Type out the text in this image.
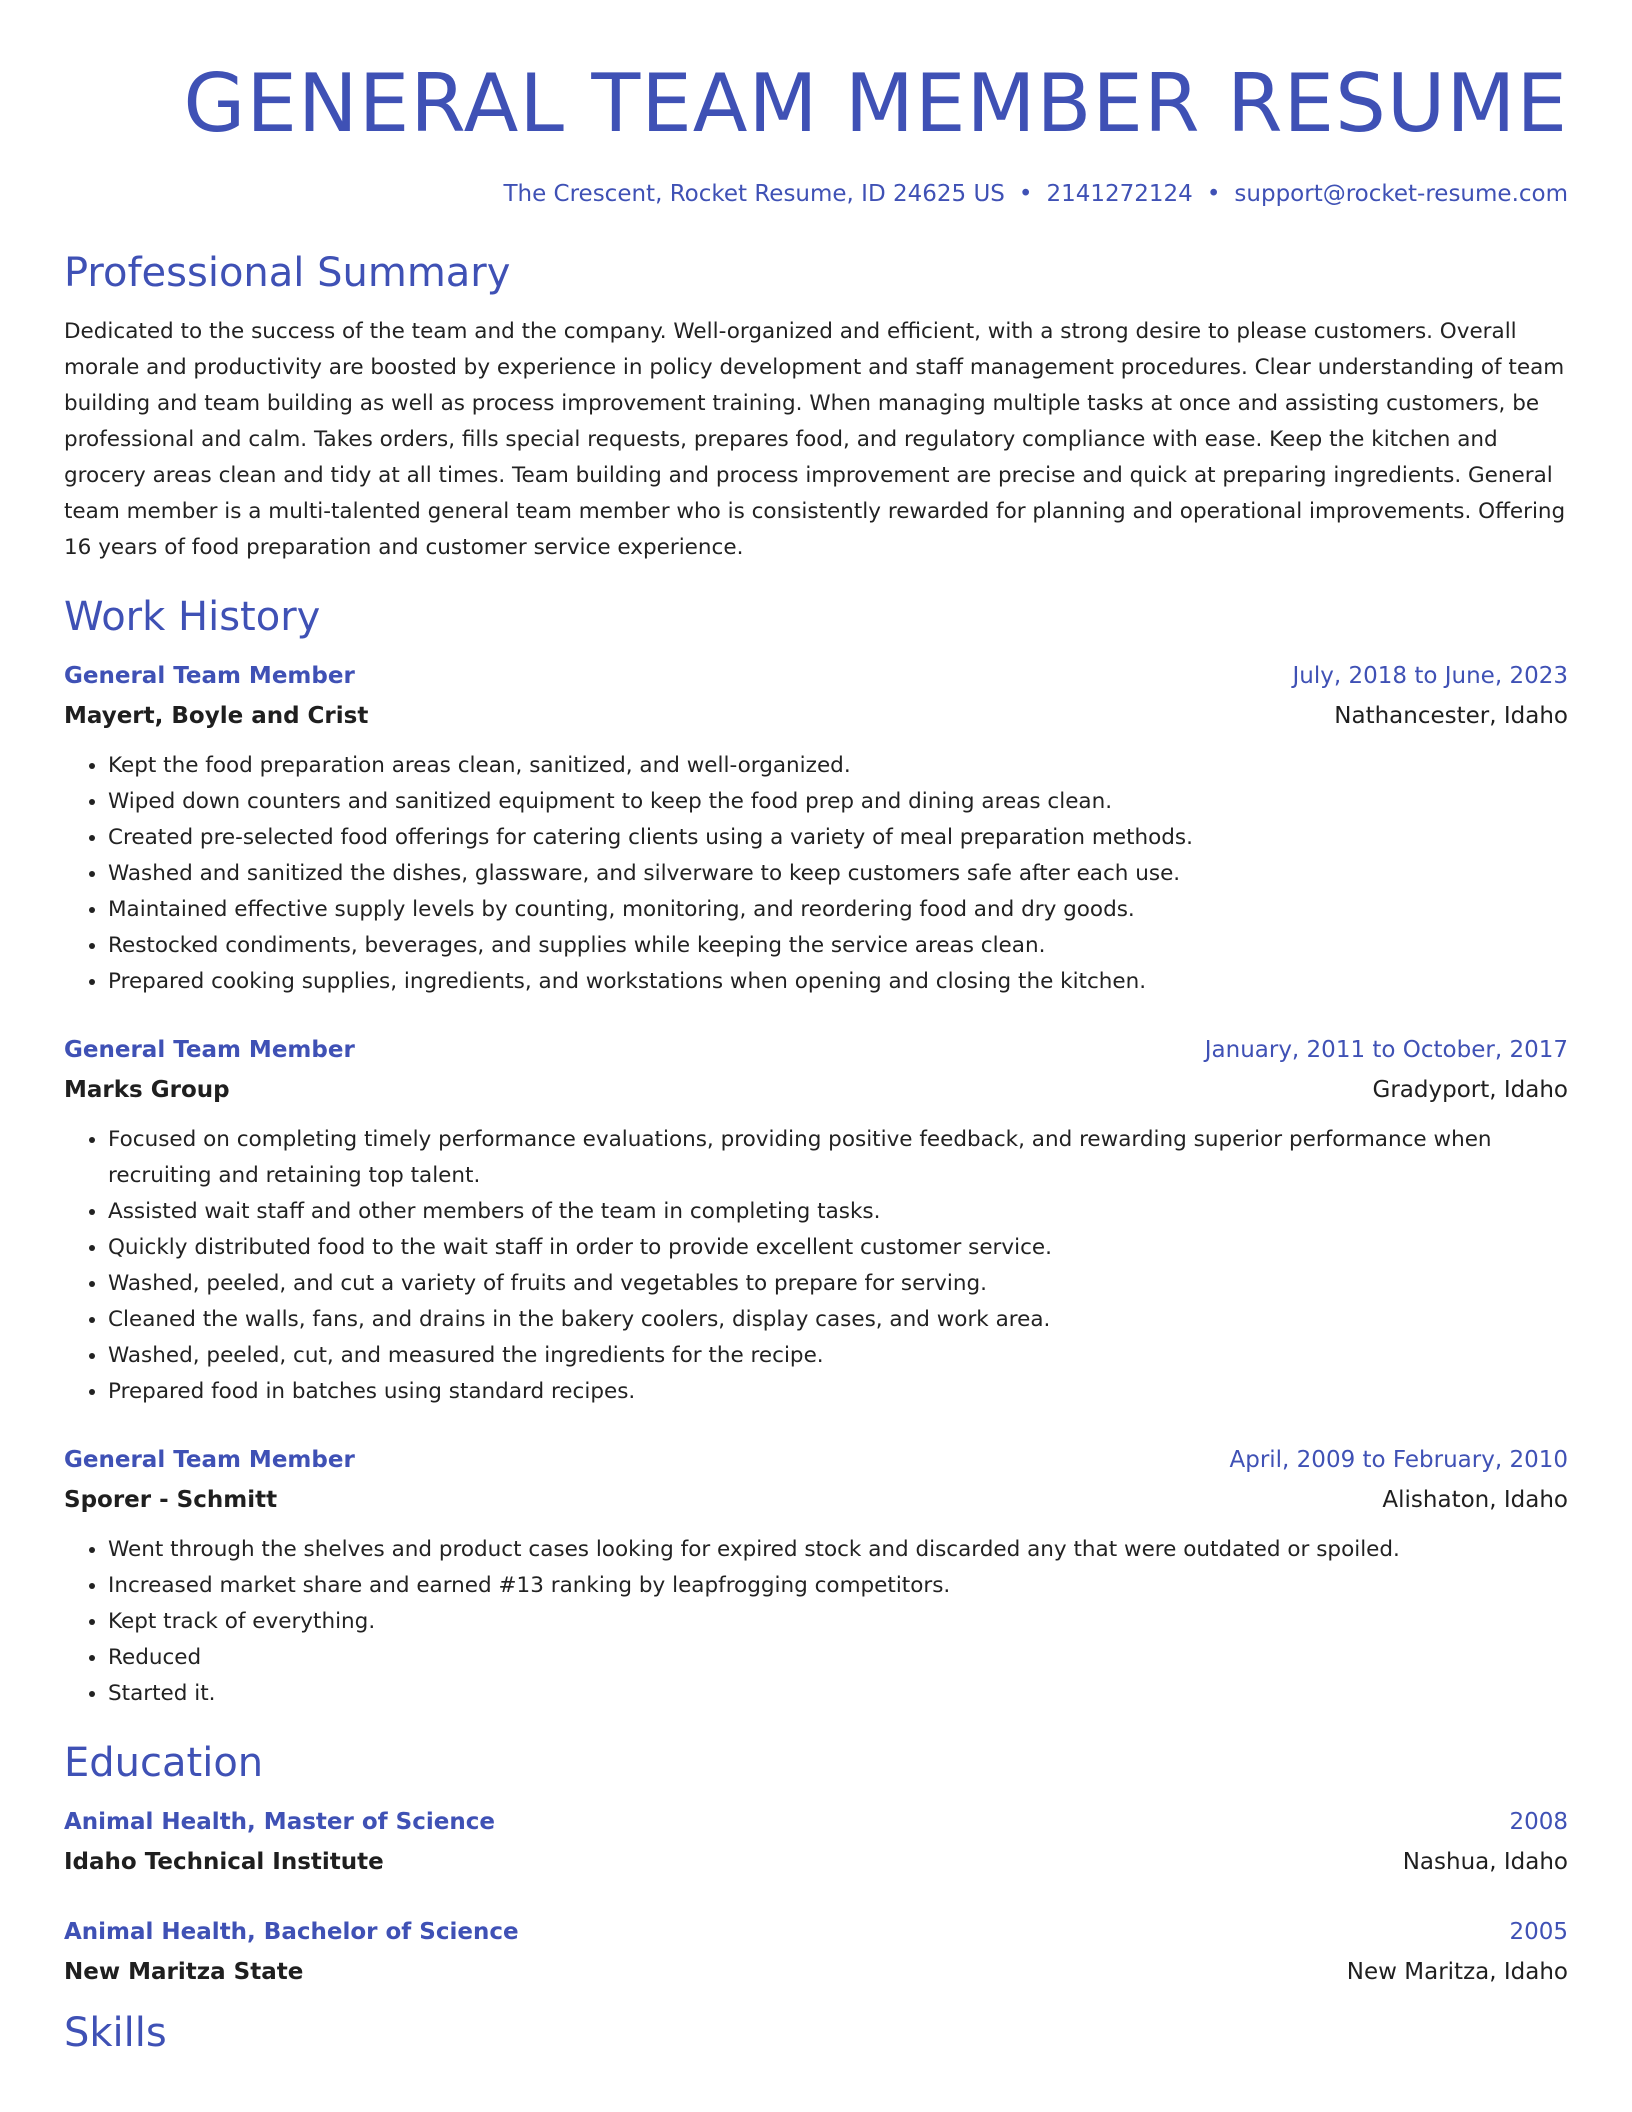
GENERAL TEAM MEMBER RESUME
The Crescent, Rocket Resume, ID 24625 US • 2141272124 • support@rocket-resume.com
Professional Summary
Dedicated to the success of the team and the company. Well-organized and efficient, with a strong desire to please customers. Overall morale and productivity are boosted by experience in policy development and staff management procedures. Clear understanding of team building and team building as well as process improvement training. When managing multiple tasks at once and assisting customers, be professional and calm. Takes orders, fills special requests, prepares food, and regulatory compliance with ease. Keep the kitchen and grocery areas clean and tidy at all times. Team building and process improvement are precise and quick at preparing ingredients. General team member is a multi-talented general team member who is consistently rewarded for planning and operational improvements. Offering 16 years of food preparation and customer service experience.
Work History
General Team Member	July, 2018 to June, 2023
Mayert, Boyle and Crist	Nathancester, Idaho
• Kept the food preparation areas clean, sanitized, and well-organized.
• Wiped down counters and sanitized equipment to keep the food prep and dining areas clean.
• Created pre-selected food offerings for catering clients using a variety of meal preparation methods.
• Washed and sanitized the dishes, glassware, and silverware to keep customers safe after each use.
• Maintained effective supply levels by counting, monitoring, and reordering food and dry goods.
• Restocked condiments, beverages, and supplies while keeping the service areas clean.
• Prepared cooking supplies, ingredients, and workstations when opening and closing the kitchen.
General Team Member	January, 2011 to October, 2017
Marks Group	Gradyport, Idaho
• Focused on completing timely performance evaluations, providing positive feedback, and rewarding superior performance when recruiting and retaining top talent.
• Assisted wait staff and other members of the team in completing tasks.
• Quickly distributed food to the wait staff in order to provide excellent customer service.
• Washed, peeled, and cut a variety of fruits and vegetables to prepare for serving.
• Cleaned the walls, fans, and drains in the bakery coolers, display cases, and work area.
• Washed, peeled, cut, and measured the ingredients for the recipe.
• Prepared food in batches using standard recipes.
General Team Member	April, 2009 to February, 2010
Sporer - Schmitt	Alishaton, Idaho
• Went through the shelves and product cases looking for expired stock and discarded any that were outdated or spoiled.
• Increased market share and earned #13 ranking by leapfrogging competitors.
• Kept track of everything.
• Reduced
• Started it.
Education
Animal Health, Master of Science	2008
Idaho Technical Institute	Nashua, Idaho
Animal Health, Bachelor of Science	2005
New Maritza State	New Maritza, Idaho
Skills
